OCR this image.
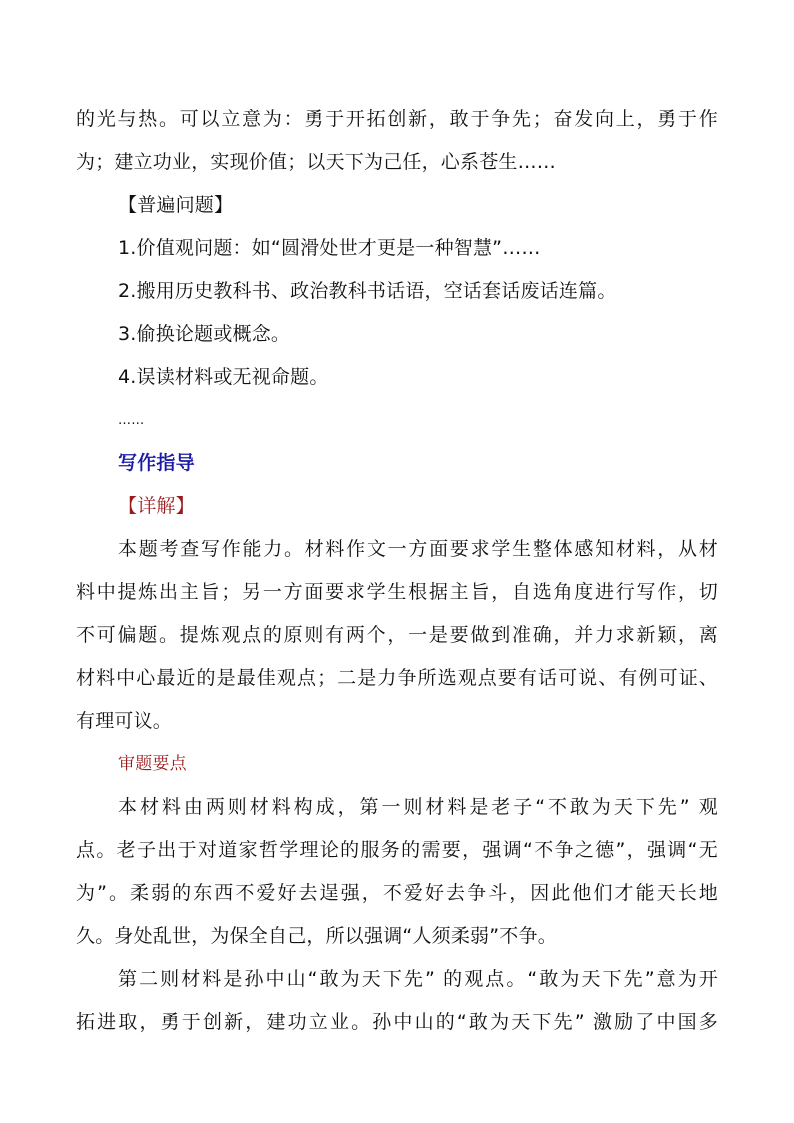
的光与热。可以立意为：勇于开拓创新，敢于争先；奋发向上，勇于作
为；建立功业，实现价值；以天下为己任，心系苍生……
【普遍问题】
1.价值观问题：如“圆滑处世才更是一种智慧”……
2.搬用历史教科书、政治教科书话语，空话套话废话连篇。
3.偷换论题或概念。
4.误读材料或无视命题。
……
写作指导
【详解】
本题考查写作能力。材料作文一方面要求学生整体感知材料，从材
料中提炼出主旨；另一方面要求学生根据主旨，自选角度进行写作，切
不可偏题。提炼观点的原则有两个，一是要做到准确，并力求新颖，离
材料中心最近的是最佳观点；二是力争所选观点要有话可说、有例可证、
有理可议。
审题要点
本材料由两则材料构成，第一则材料是老子“不敢为天下先” 观
点。老子出于对道家哲学理论的服务的需要，强调“不争之德”，强调“无
为”。柔弱的东西不爱好去逞强，不爱好去争斗，因此他们才能天长地
久。身处乱世，为保全自己，所以强调“人须柔弱”不争。
第二则材料是孙中山“敢为天下先” 的观点。“敢为天下先”意为开
拓进取，勇于创新，建功立业。孙中山的“敢为天下先” 激励了中国多
